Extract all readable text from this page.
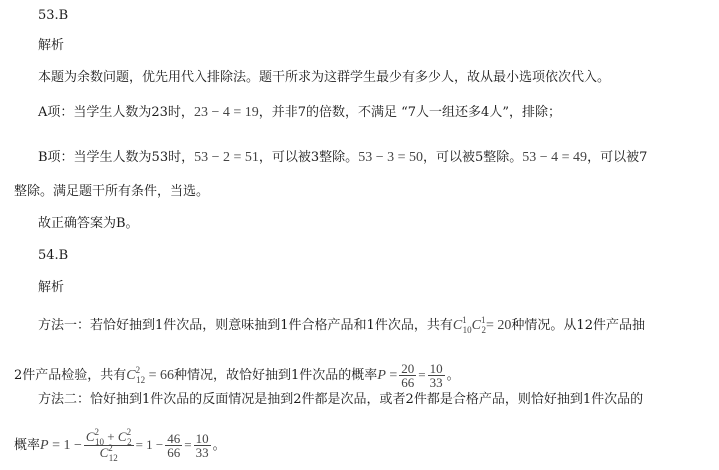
53.B
解析
本题为余数问题，优先用代入排除法。题干所求为这群学生最少有多少人，故从最小选项依次代入。
A项：当学生人数为23时，23 − 4 = 19，并非7的倍数，不满足 “7人一组还多4人”，排除；
B项：当学生人数为53时，53 − 2 = 51，可以被3整除。53 − 3 = 50，可以被5整除。53 − 4 = 49，可以被7
整除。满足题干所有条件，当选。
故正确答案为B。
54.B
解析
方法一：若恰好抽到1件次品，则意味抽到1件合格产品和1件次品，共有$C^1_{10}C^1_2= 20$种情况。从12件产品抽
2件产品检验，共有$C^2_{12} = 66$种情况，故恰好抽到1件次品的概率$P = \frac{20}{66} = \frac{10}{33}$ 。
方法二：恰好抽到1件次品的反面情况是抽到2件都是次品，或者2件都是合格产品，则恰好抽到1件次品的
概率$P = 1 - \frac{C^2_{10} + C^2_2}{C^2_{12}} = 1 - \frac{46}{66} = \frac{10}{33}$ 。
